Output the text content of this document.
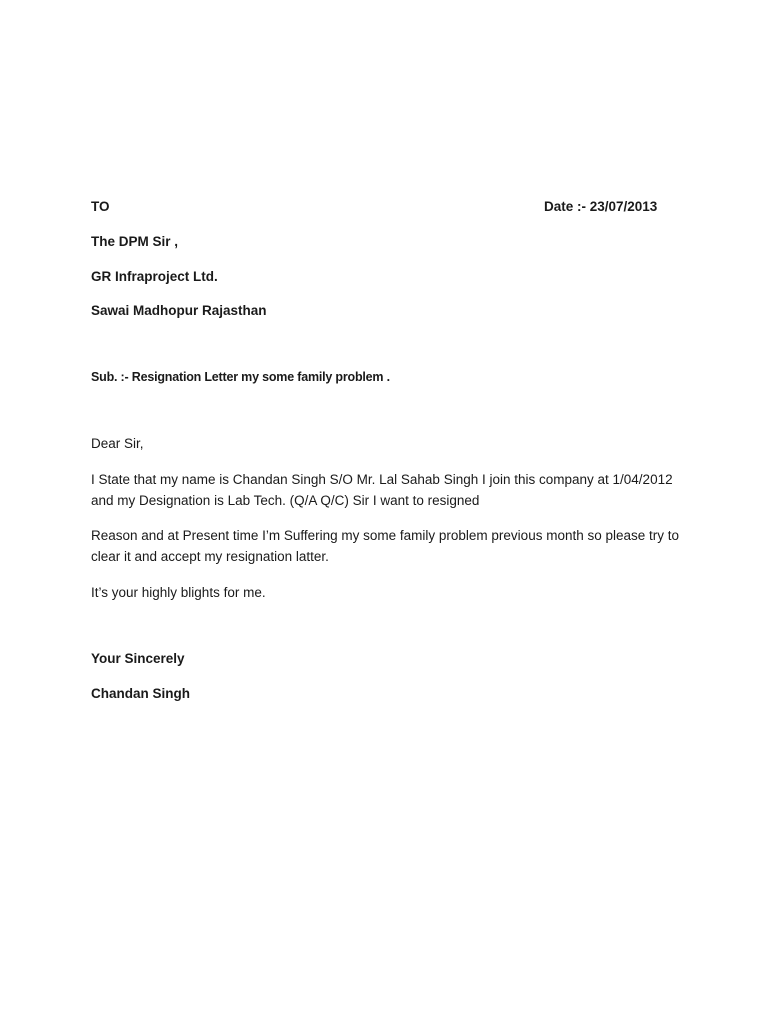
TO	Date :- 23/07/2013

The DPM Sir ,

GR Infraproject Ltd.

Sawai Madhopur Rajasthan

Sub. :- Resignation Letter my some family problem .

Dear Sir,

I State that my name is Chandan Singh S/O Mr. Lal Sahab Singh I join this company at 1/04/2012 and my Designation is Lab Tech. (Q/A Q/C) Sir I want to resigned

Reason and at Present time I’m Suffering my some family problem previous month so please try to clear it and accept my resignation latter.

It’s your highly blights for me.

Your Sincerely

Chandan Singh
